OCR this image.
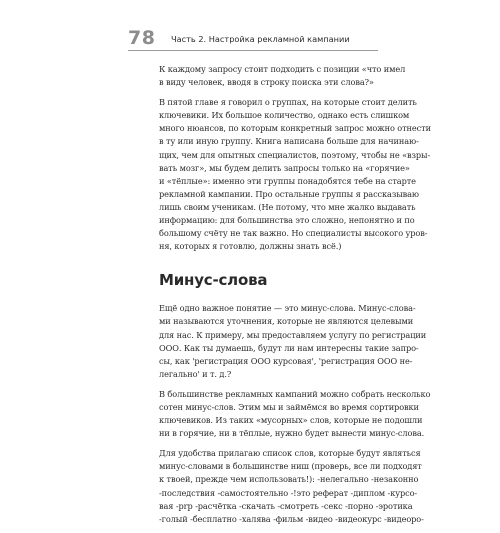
78 Часть 2. Настройка рекламной кампании
К каждому запросу стоит подходить с позиции «что имел
в виду человек, вводя в строку поиска эти слова?»
В пятой главе я говорил о группах, на которые стоит делить
ключевики. Их большое количество, однако есть слишком
много нюансов, по которым конкретный запрос можно отнести
в ту или иную группу. Книга написана больше для начинаю-
щих, чем для опытных специалистов, поэтому, чтобы не «взры-
вать мозг», мы будем делить запросы только на «горячие»
и «тёплые»: именно эти группы понадобятся тебе на старте
рекламной кампании. Про остальные группы я рассказываю
лишь своим ученикам. (Не потому, что мне жалко выдавать
информацию: для большинства это сложно, непонятно и по
большому счёту не так важно. Но специалисты высокого уров-
ня, которых я готовлю, должны знать всё.)
Минус-слова
Ещё одно важное понятие — это минус-слова. Минус-слова-
ми называются уточнения, которые не являются целевыми
для нас. К примеру, мы предоставляем услугу по регистрации
ООО. Как ты думаешь, будут ли нам интересны такие запро-
сы, как 'регистрация ООО курсовая', 'регистрация ООО не-
легально' и т. д.?
В большинстве рекламных кампаний можно собрать несколько
сотен минус-слов. Этим мы и займёмся во время сортировки
ключевиков. Из таких «мусорных» слов, которые не подошли
ни в горячие, ни в тёплые, нужно будет вынести минус-слова.
Для удобства прилагаю список слов, которые будут являться
минус-словами в большинстве ниш (проверь, все ли подходят
к твоей, прежде чем использовать!): -нелегально -незаконно
-последствия -самостоятельно -!это реферат -диплом -курсо-
вая -рrр -расчётка -скачать -смотреть -секс -порно -эротика
-голый -бесплатно -халява -фильм -видео -видеокурс -видеоро-
